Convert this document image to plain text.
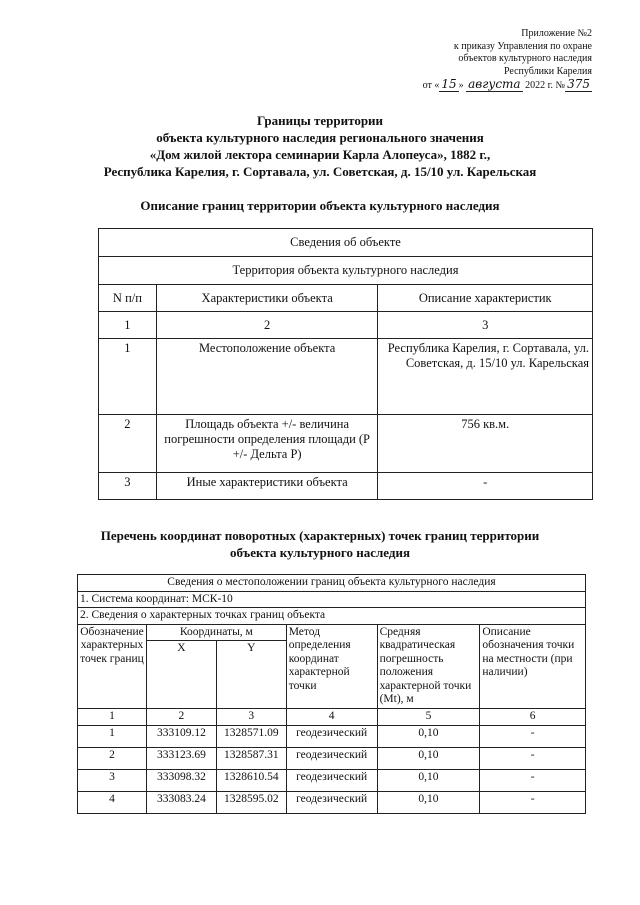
Приложение №2
к приказу Управления по охране
объектов культурного наследия
Республики Карелия
от « 15 » августа 2022 г. № 375
Границы территории
объекта культурного наследия регионального значения
«Дом жилой лектора семинарии Карла Алопеуса», 1882 г.,
Республика Карелия, г. Сортавала, ул. Советская, д. 15/10 ул. Карельская
Описание границ территории объекта культурного наследия
Сведения об объекте		
Территория объекта культурного наследия		
N п/п	Характеристики объекта	Описание характеристик
1	2	3
1	Местоположение объекта	Республика Карелия, г. Сортавала, ул. Советская, д. 15/10 ул. Карельская
2	Площадь объекта +/- величина погрешности определения площади (P +/- Дельта P)	756 кв.м.
3	Иные характеристики объекта	-
Перечень координат поворотных (характерных) точек границ территории
объекта культурного наследия
Сведения о местоположении границ объекта культурного наследия					
1. Система координат: МСК-10					
2. Сведения о характерных точках границ объекта					
Обозначение характерных точек границ	Координаты, м		Метод определения координат характерной точки	Средняя квадратическая погрешность положения характерной точки (Mt), м	Описание обозначения точки на местности (при наличии)
	X	Y			
1	2	3	4	5	6
1	333109.12	1328571.09	геодезический	0,10	-
2	333123.69	1328587.31	геодезический	0,10	-
3	333098.32	1328610.54	геодезический	0,10	-
4	333083.24	1328595.02	геодезический	0,10	-
